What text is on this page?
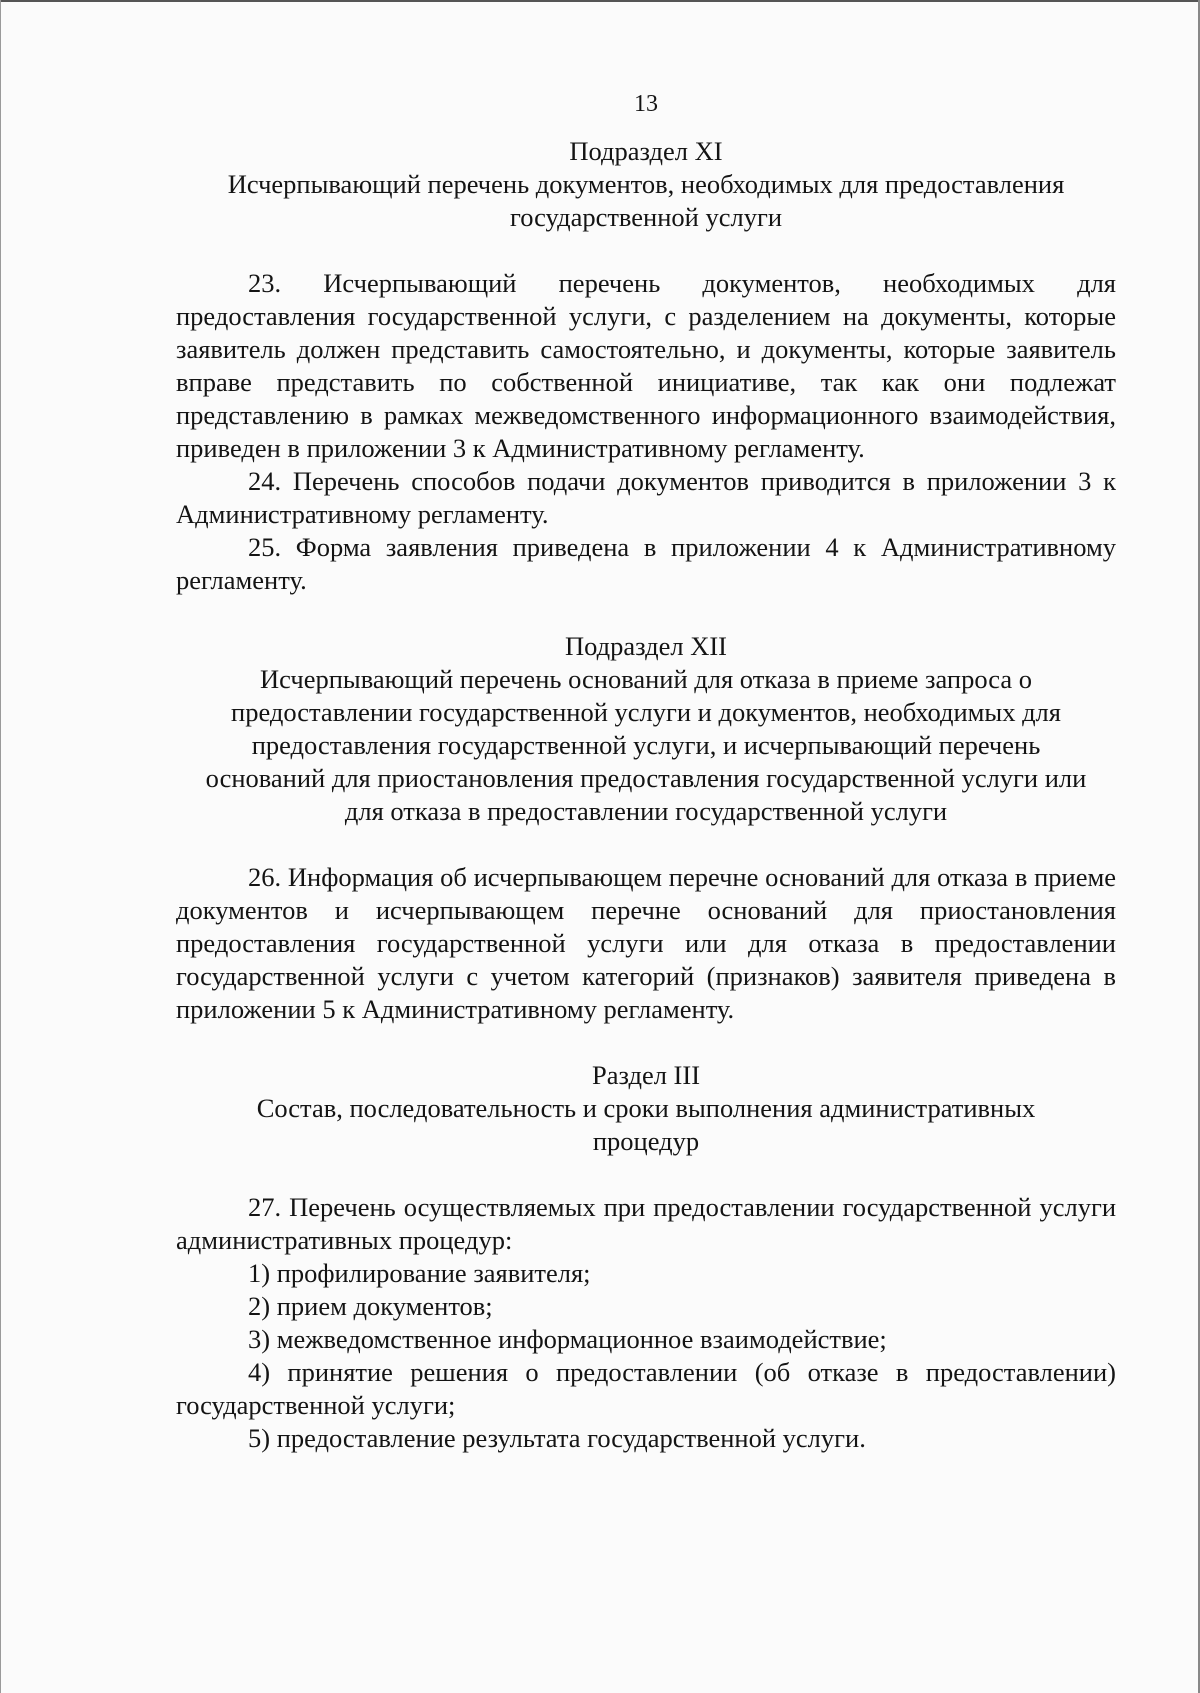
13

Подраздел XI
Исчерпывающий перечень документов, необходимых для предоставления
государственной услуги

23. Исчерпывающий перечень документов, необходимых для предоставления государственной услуги, с разделением на документы, которые заявитель должен представить самостоятельно, и документы, которые заявитель вправе представить по собственной инициативе, так как они подлежат представлению в рамках межведомственного информационного взаимодействия, приведен в приложении 3 к Административному регламенту.

24. Перечень способов подачи документов приводится в приложении 3 к Административному регламенту.

25. Форма заявления приведена в приложении 4 к Административному регламенту.

Подраздел XII
Исчерпывающий перечень оснований для отказа в приеме запроса о
предоставлении государственной услуги и документов, необходимых для
предоставления государственной услуги, и исчерпывающий перечень
оснований для приостановления предоставления государственной услуги или
для отказа в предоставлении государственной услуги

26. Информация об исчерпывающем перечне оснований для отказа в приеме документов и исчерпывающем перечне оснований для приостановления предоставления государственной услуги или для отказа в предоставлении государственной услуги с учетом категорий (признаков) заявителя приведена в приложении 5 к Административному регламенту.

Раздел III
Состав, последовательность и сроки выполнения административных
процедур

27. Перечень осуществляемых при предоставлении государственной услуги административных процедур:

1) профилирование заявителя;

2) прием документов;

3) межведомственное информационное взаимодействие;

4) принятие решения о предоставлении (об отказе в предоставлении) государственной услуги;

5) предоставление результата государственной услуги.
